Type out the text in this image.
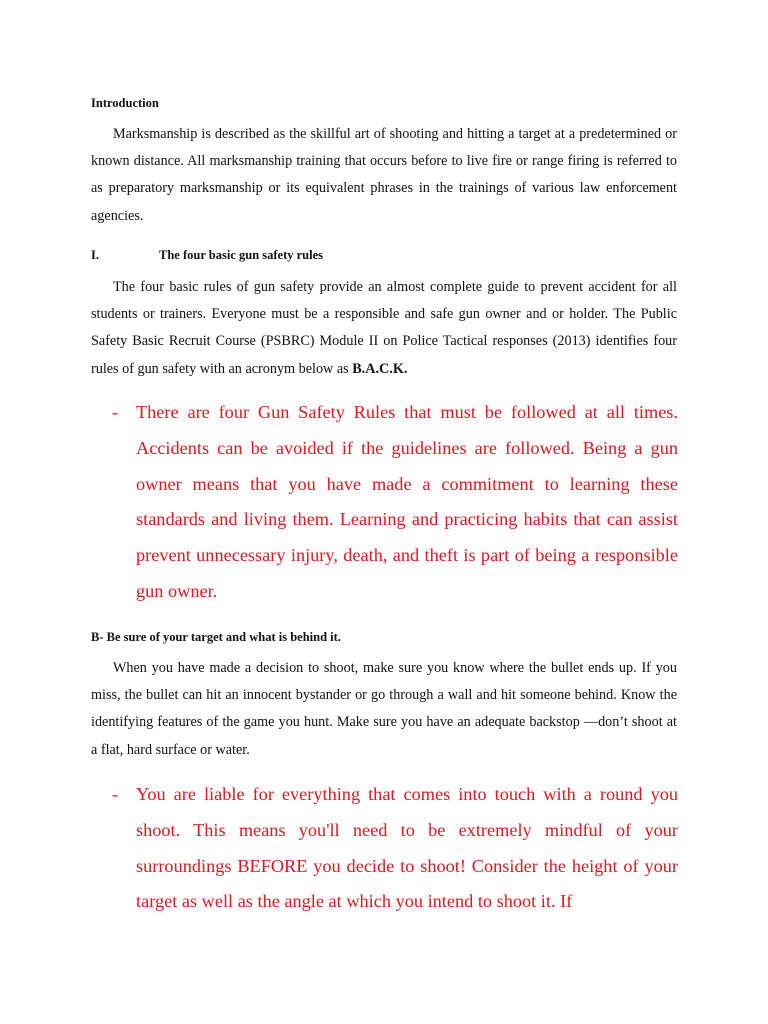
Introduction

Marksmanship is described as the skillful art of shooting and hitting a target at a predetermined or known distance. All marksmanship training that occurs before to live fire or range firing is referred to as preparatory marksmanship or its equivalent phrases in the trainings of various law enforcement agencies.

I.	The four basic gun safety rules

The four basic rules of gun safety provide an almost complete guide to prevent accident for all students or trainers. Everyone must be a responsible and safe gun owner and or holder. The Public Safety Basic Recruit Course (PSBRC) Module II on Police Tactical responses (2013) identifies four rules of gun safety with an acronym below as B.A.C.K.

- There are four Gun Safety Rules that must be followed at all times. Accidents can be avoided if the guidelines are followed. Being a gun owner means that you have made a commitment to learning these standards and living them. Learning and practicing habits that can assist prevent unnecessary injury, death, and theft is part of being a responsible gun owner.

B- Be sure of your target and what is behind it.

When you have made a decision to shoot, make sure you know where the bullet ends up. If you miss, the bullet can hit an innocent bystander or go through a wall and hit someone behind. Know the identifying features of the game you hunt. Make sure you have an adequate backstop —don’t shoot at a flat, hard surface or water.

- You are liable for everything that comes into touch with a round you shoot. This means you'll need to be extremely mindful of your surroundings BEFORE you decide to shoot! Consider the height of your target as well as the angle at which you intend to shoot it. If
